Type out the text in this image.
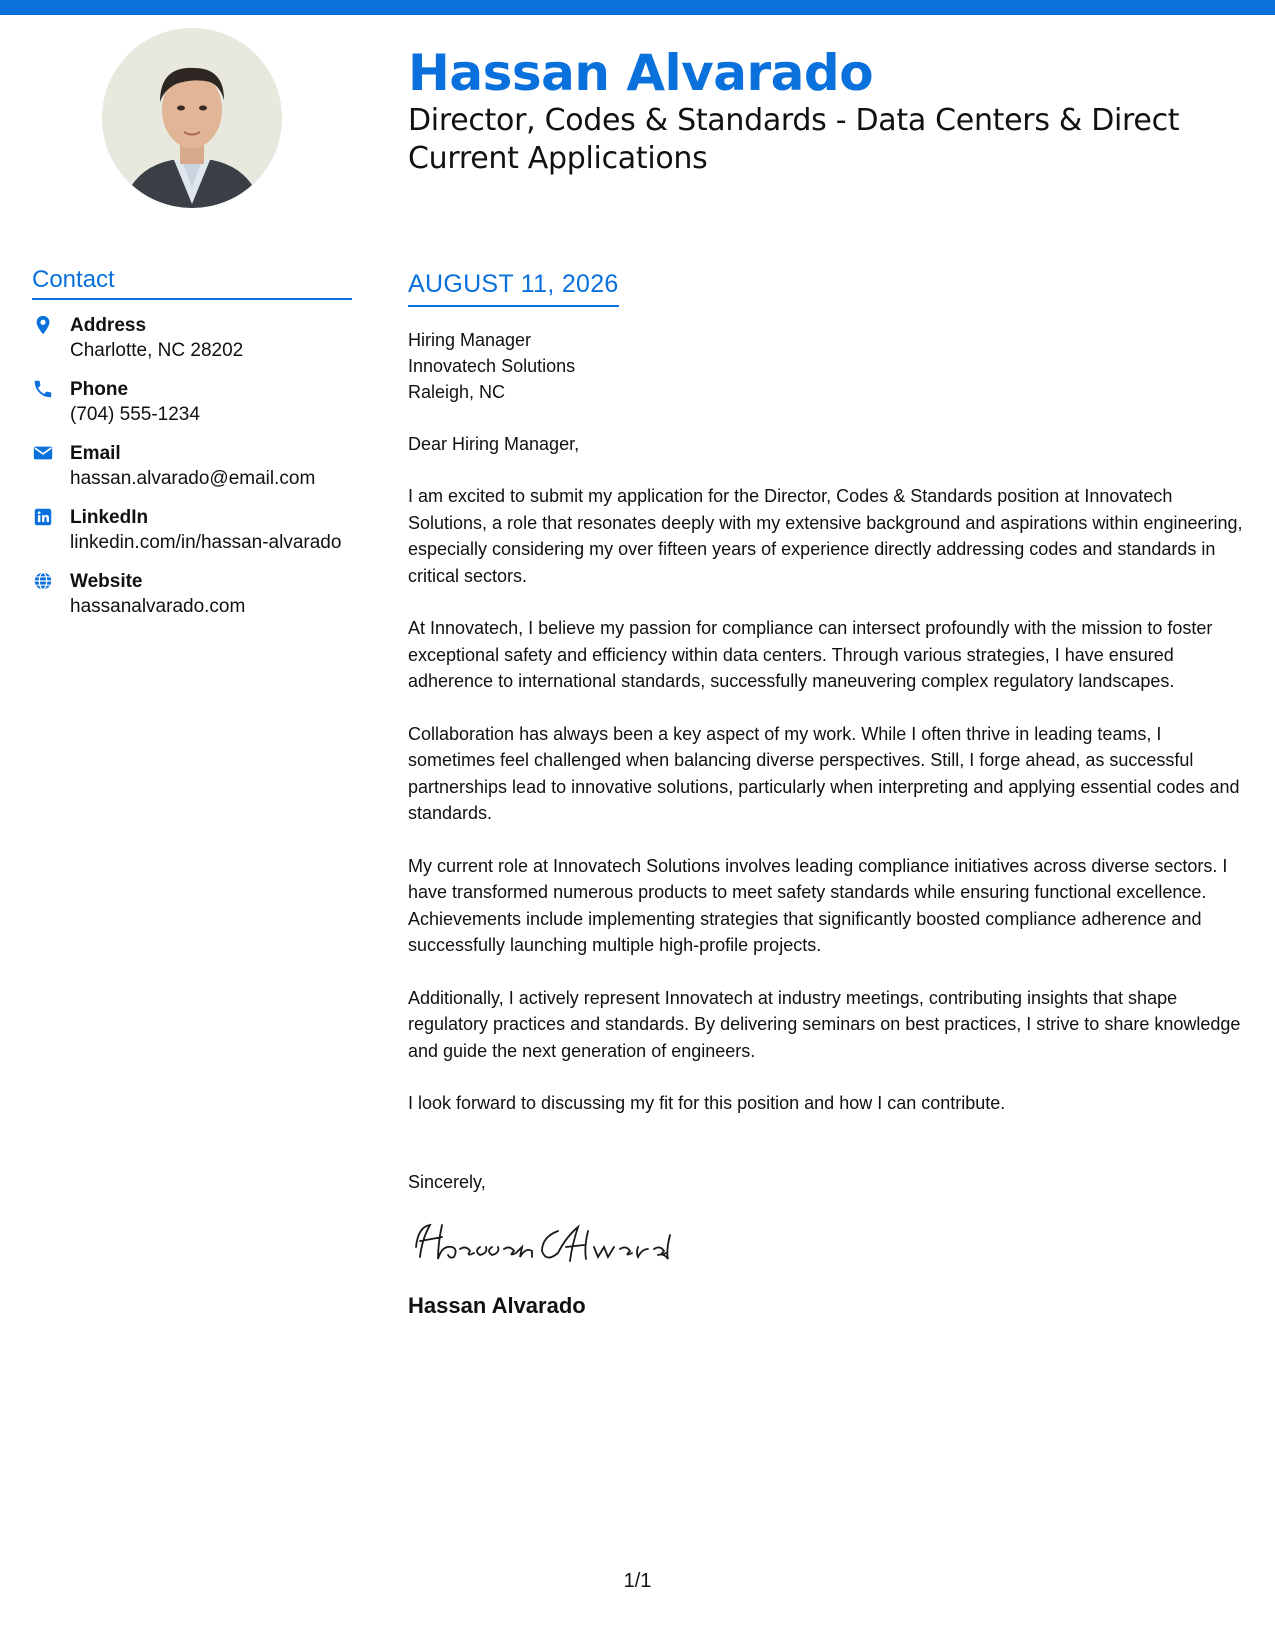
Hassan Alvarado
Director, Codes & Standards - Data Centers & Direct Current Applications
Contact
Address
Charlotte, NC 28202
Phone
(704) 555-1234
Email
hassan.alvarado@email.com
LinkedIn
linkedin.com/in/hassan-alvarado
Website
hassanalvarado.com
AUGUST 11, 2026
Hiring Manager
Innovatech Solutions
Raleigh, NC
Dear Hiring Manager,

I am excited to submit my application for the Director, Codes & Standards position at Innovatech Solutions, a role that resonates deeply with my extensive background and aspirations within engineering, especially considering my over fifteen years of experience directly addressing codes and standards in critical sectors.

At Innovatech, I believe my passion for compliance can intersect profoundly with the mission to foster exceptional safety and efficiency within data centers. Through various strategies, I have ensured adherence to international standards, successfully maneuvering complex regulatory landscapes.

Collaboration has always been a key aspect of my work. While I often thrive in leading teams, I sometimes feel challenged when balancing diverse perspectives. Still, I forge ahead, as successful partnerships lead to innovative solutions, particularly when interpreting and applying essential codes and standards.

My current role at Innovatech Solutions involves leading compliance initiatives across diverse sectors. I have transformed numerous products to meet safety standards while ensuring functional excellence. Achievements include implementing strategies that significantly boosted compliance adherence and successfully launching multiple high-profile projects.

Additionally, I actively represent Innovatech at industry meetings, contributing insights that shape regulatory practices and standards. By delivering seminars on best practices, I strive to share knowledge and guide the next generation of engineers.

I look forward to discussing my fit for this position and how I can contribute.

Sincerely,
Hassan Alvarado
1/1
